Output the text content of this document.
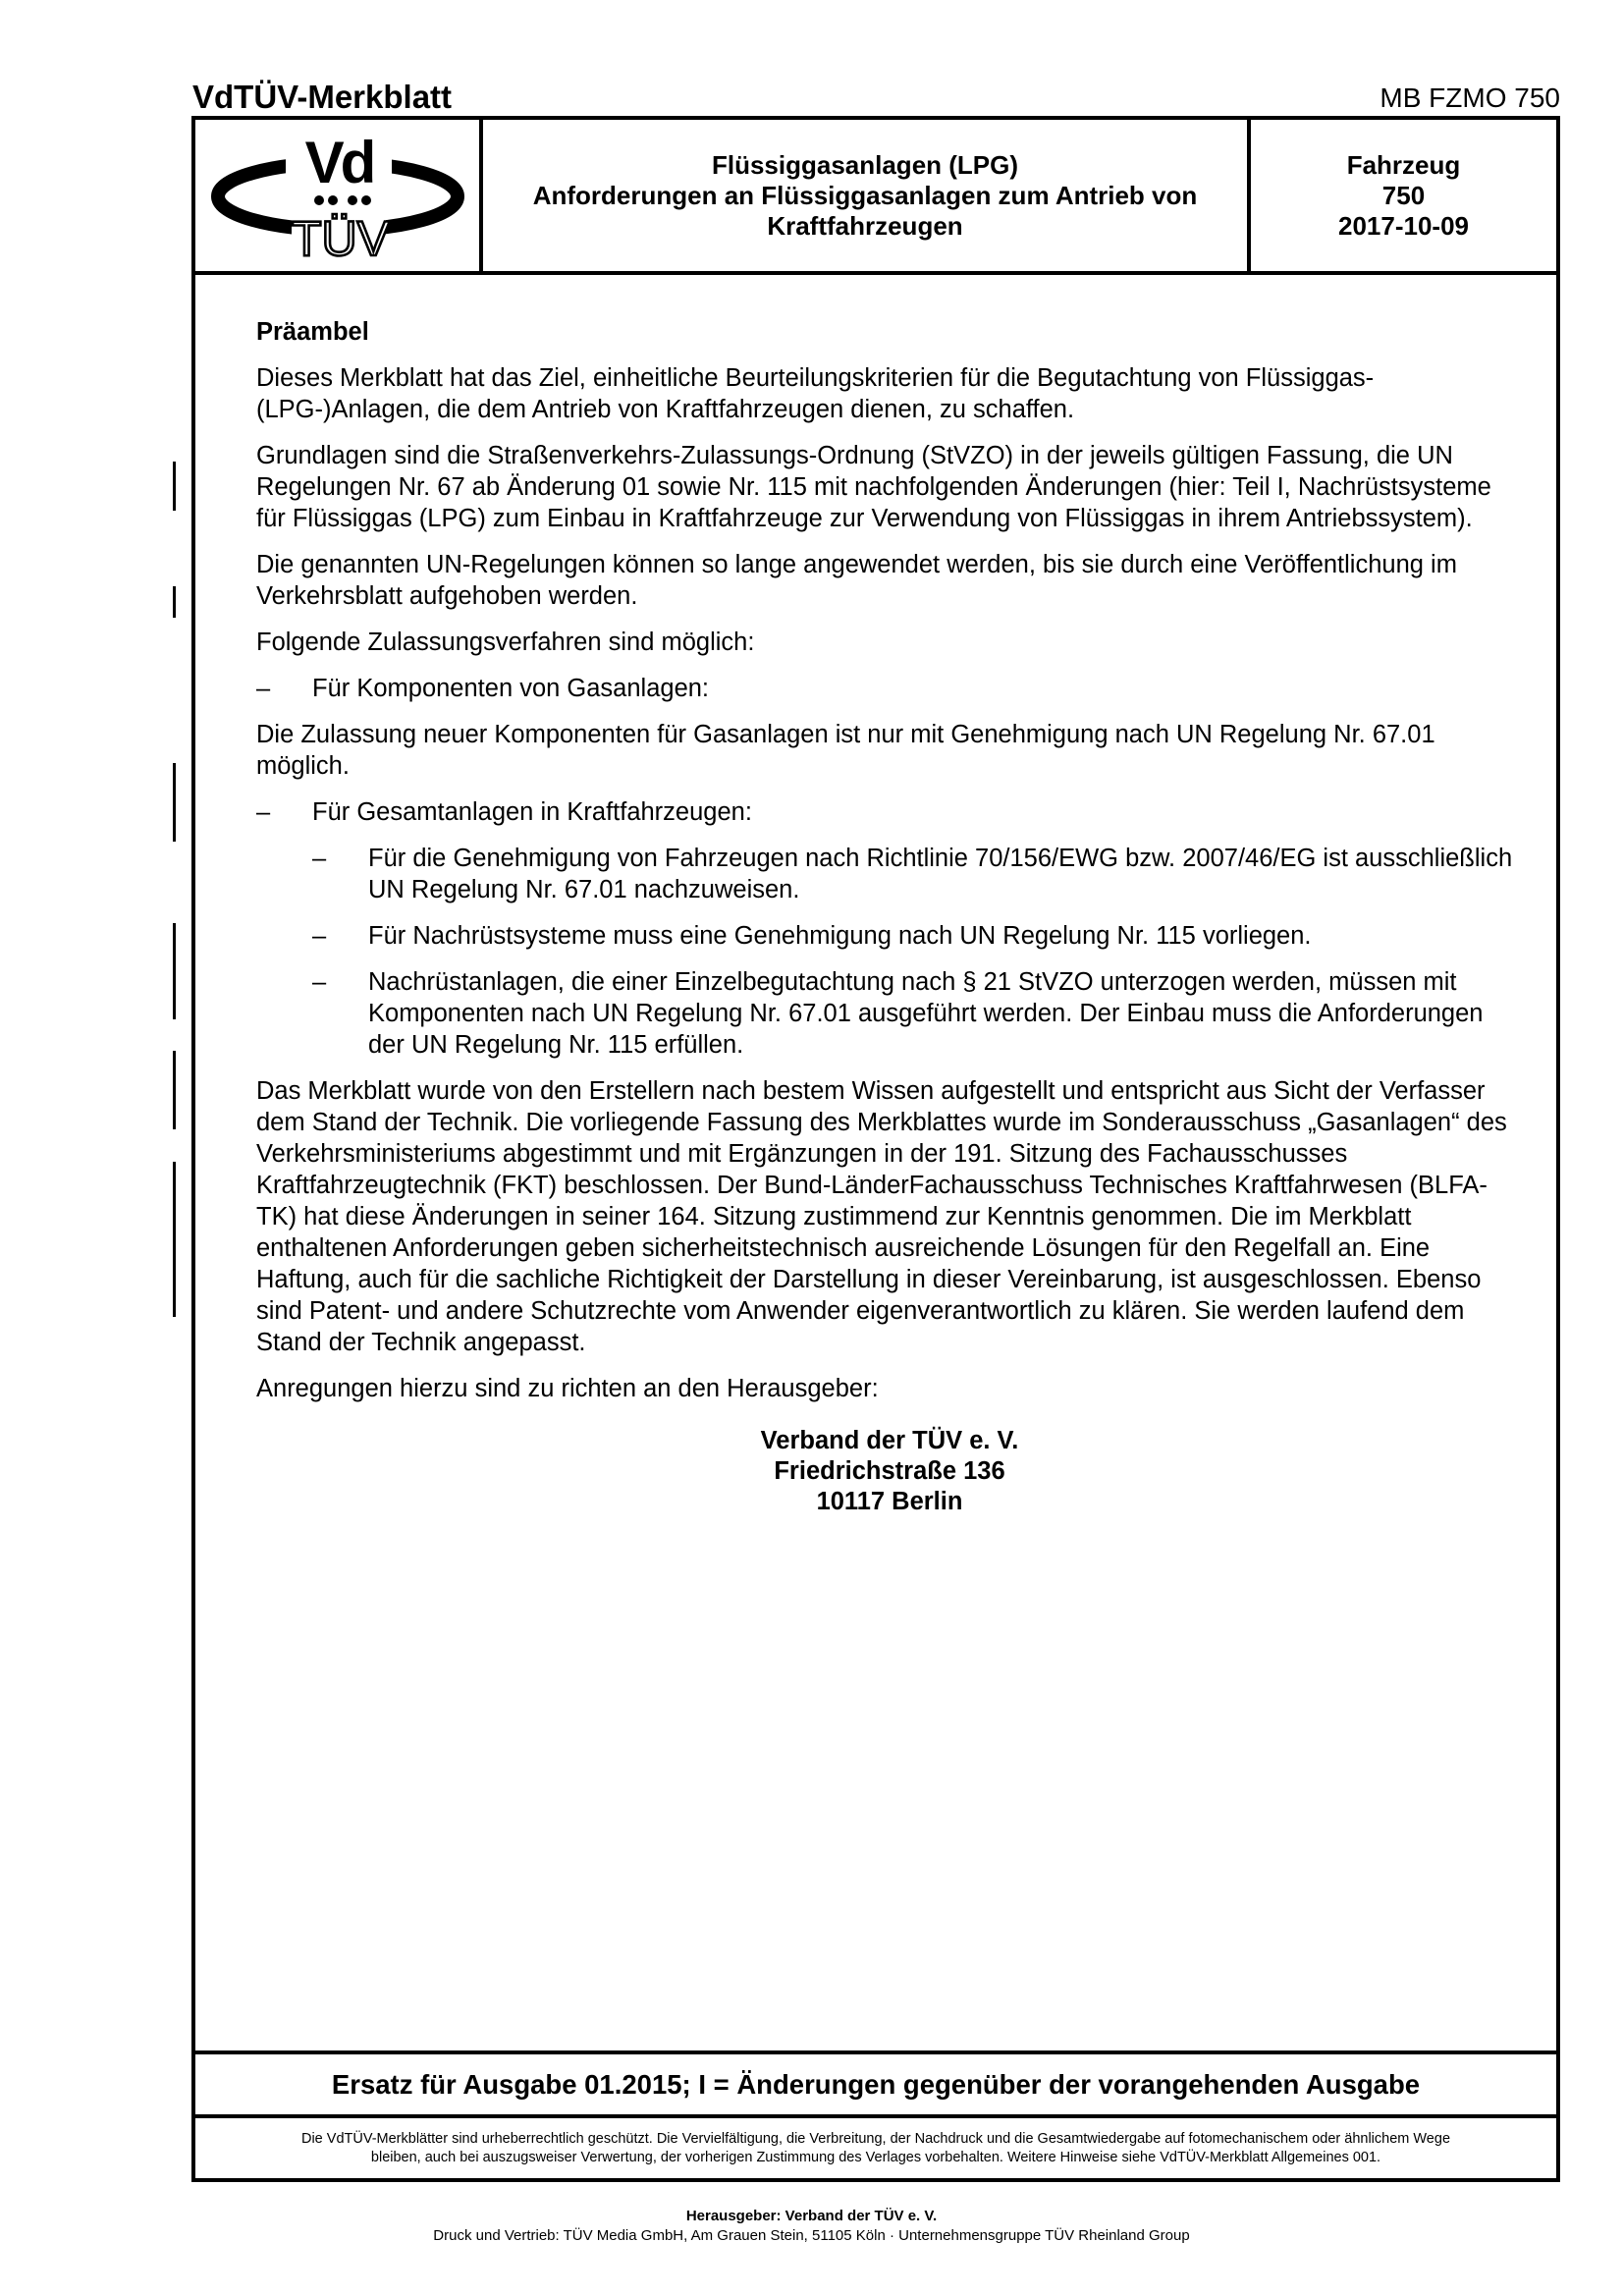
VdTÜV-Merkblatt	MB FZMO 750
Vd
TÜV
Flüssiggasanlagen (LPG)
Anforderungen an Flüssiggasanlagen zum Antrieb von
Kraftfahrzeugen
Fahrzeug
750
2017-10-09
Präambel

Dieses Merkblatt hat das Ziel, einheitliche Beurteilungskriterien für die Begutachtung von Flüssiggas-(LPG-)Anlagen, die dem Antrieb von Kraftfahrzeugen dienen, zu schaffen.

Grundlagen sind die Straßenverkehrs-Zulassungs-Ordnung (StVZO) in der jeweils gültigen Fassung, die UN Regelungen Nr. 67 ab Änderung 01 sowie Nr. 115 mit nachfolgenden Änderungen (hier: Teil I, Nachrüstsysteme für Flüssiggas (LPG) zum Einbau in Kraftfahrzeuge zur Verwendung von Flüssiggas in ihrem Antriebssystem).

Die genannten UN-Regelungen können so lange angewendet werden, bis sie durch eine Veröffentlichung im Verkehrsblatt aufgehoben werden.

Folgende Zulassungsverfahren sind möglich:

–	Für Komponenten von Gasanlagen:

Die Zulassung neuer Komponenten für Gasanlagen ist nur mit Genehmigung nach UN Regelung Nr. 67.01 möglich.

–	Für Gesamtanlagen in Kraftfahrzeugen:
–	Für die Genehmigung von Fahrzeugen nach Richtlinie 70/156/EWG bzw. 2007/46/EG ist ausschließlich UN Regelung Nr. 67.01 nachzuweisen.
–	Für Nachrüstsysteme muss eine Genehmigung nach UN Regelung Nr. 115 vorliegen.
–	Nachrüstanlagen, die einer Einzelbegutachtung nach § 21 StVZO unterzogen werden, müssen mit Komponenten nach UN Regelung Nr. 67.01 ausgeführt werden. Der Einbau muss die Anforderungen der UN Regelung Nr. 115 erfüllen.

Das Merkblatt wurde von den Erstellern nach bestem Wissen aufgestellt und entspricht aus Sicht der Verfasser dem Stand der Technik. Die vorliegende Fassung des Merkblattes wurde im Sonderausschuss „Gasanlagen“ des Verkehrsministeriums abgestimmt und mit Ergänzungen in der 191. Sitzung des Fachausschusses Kraftfahrzeugtechnik (FKT) beschlossen. Der Bund-LänderFachausschuss Technisches Kraftfahrwesen (BLFA-TK) hat diese Änderungen in seiner 164. Sitzung zustimmend zur Kenntnis genommen. Die im Merkblatt enthaltenen Anforderungen geben sicherheitstechnisch ausreichende Lösungen für den Regelfall an. Eine Haftung, auch für die sachliche Richtigkeit der Darstellung in dieser Vereinbarung, ist ausgeschlossen. Ebenso sind Patent- und andere Schutzrechte vom Anwender eigenverantwortlich zu klären. Sie werden laufend dem Stand der Technik angepasst.

Anregungen hierzu sind zu richten an den Herausgeber:

Verband der TÜV e. V.
Friedrichstraße 136
10117 Berlin
Ersatz für Ausgabe 01.2015; I = Änderungen gegenüber der vorangehenden Ausgabe
Die VdTÜV-Merkblätter sind urheberrechtlich geschützt. Die Vervielfältigung, die Verbreitung, der Nachdruck und die Gesamtwiedergabe auf fotomechanischem oder ähnlichem Wege
bleiben, auch bei auszugsweiser Verwertung, der vorherigen Zustimmung des Verlages vorbehalten. Weitere Hinweise siehe VdTÜV-Merkblatt Allgemeines 001.
Herausgeber: Verband der TÜV e. V.
Druck und Vertrieb: TÜV Media GmbH, Am Grauen Stein, 51105 Köln · Unternehmensgruppe TÜV Rheinland Group
